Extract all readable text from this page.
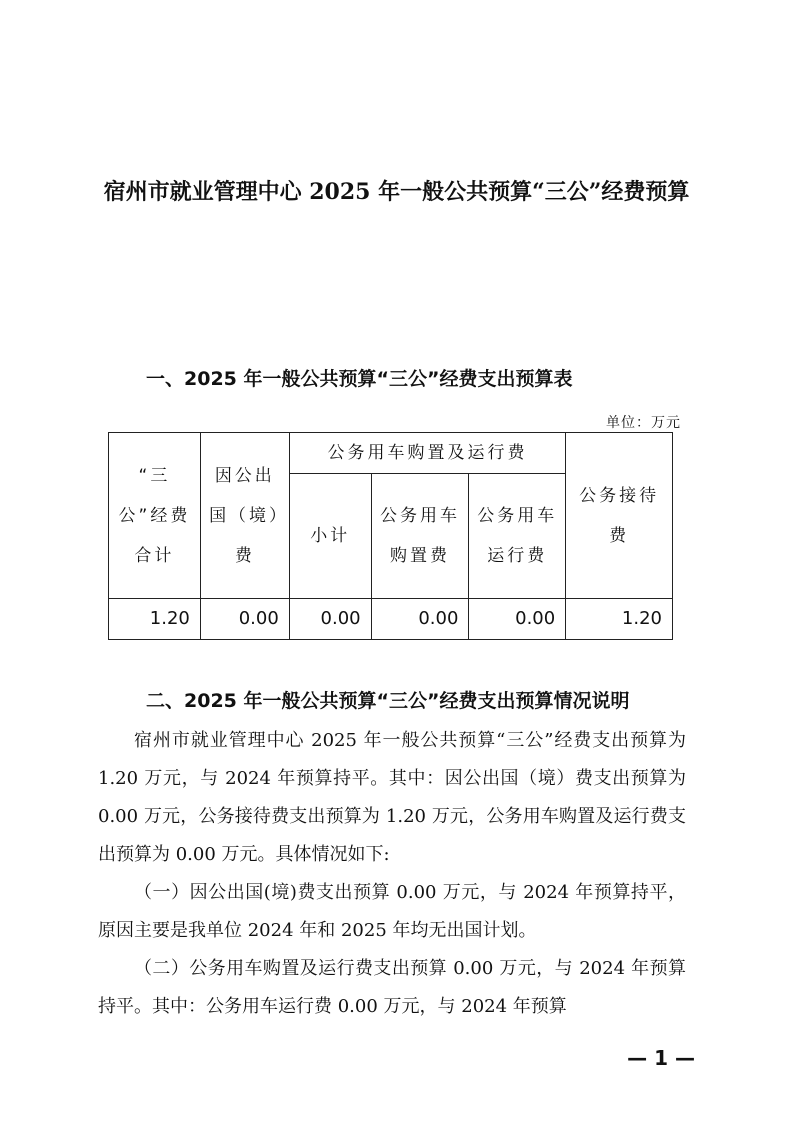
宿州市就业管理中心 2025 年一般公共预算“三公”经费预算
一、2025 年一般公共预算“三公”经费支出预算表
单位：万元
“三公”经费合计	因公出国（境）费	公务用车购置及运行费			公务接待费
		小计	公务用车购置费	公务用车运行费	
1.20	0.00	0.00	0.00	0.00	1.20
二、2025 年一般公共预算“三公”经费支出预算情况说明

宿州市就业管理中心 2025 年一般公共预算“三公”经费支出预算为 1.20 万元，与 2024 年预算持平。其中：因公出国（境）费支出预算为 0.00 万元，公务接待费支出预算为 1.20 万元，公务用车购置及运行费支出预算为 0.00 万元。具体情况如下:

（一）因公出国(境)费支出预算 0.00 万元，与 2024 年预算持平，原因主要是我单位 2024 年和 2025 年均无出国计划。

（二）公务用车购置及运行费支出预算 0.00 万元，与 2024 年预算持平。其中：公务用车运行费 0.00 万元，与 2024 年预算

— 1 —
